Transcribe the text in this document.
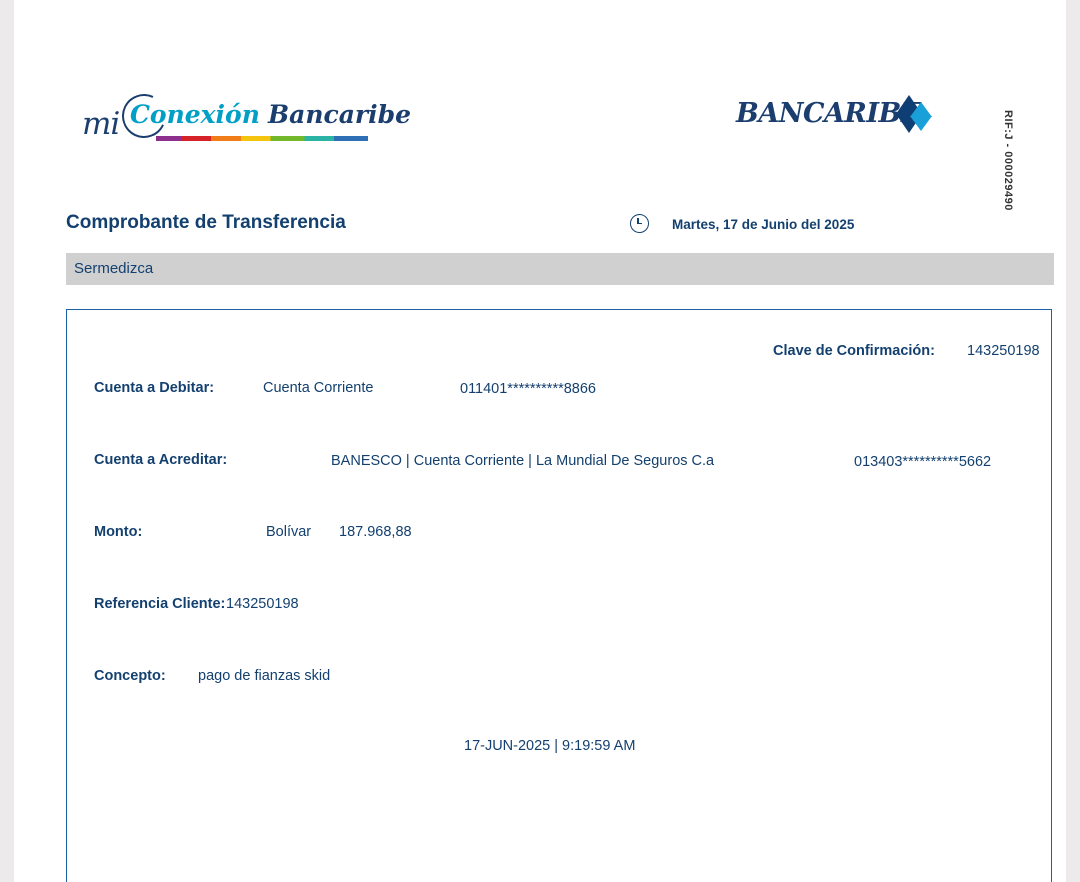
mi Conexión Bancaribe	BANCARIBE	RIF:J - 000029490
Comprobante de Transferencia	Martes, 17 de Junio del 2025
Sermedizca
Clave de Confirmación: 143250198
Cuenta a Debitar:	Cuenta Corriente	011401**********8866
Cuenta a Acreditar:	BANESCO | Cuenta Corriente | La Mundial De Seguros C.a	013403**********5662
Monto:	Bolívar 187.968,88
Referencia Cliente: 143250198
Concepto: pago de fianzas skid
17-JUN-2025 | 9:19:59 AM
